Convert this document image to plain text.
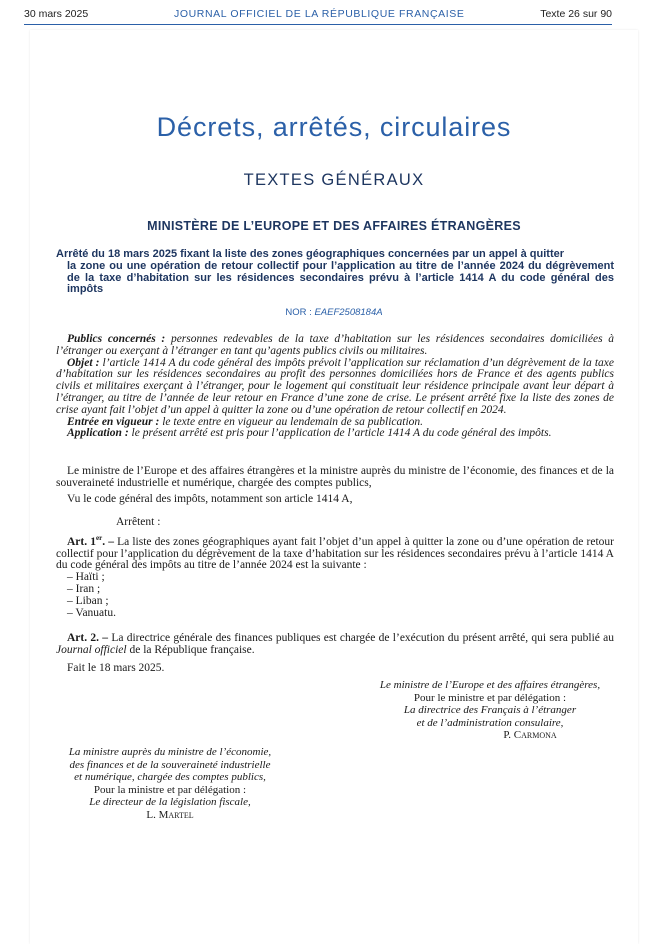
30 mars 2025	JOURNAL OFFICIEL DE LA RÉPUBLIQUE FRANÇAISE	Texte 26 sur 90
Décrets, arrêtés, circulaires
TEXTES GÉNÉRAUX
MINISTÈRE DE L’EUROPE ET DES AFFAIRES ÉTRANGÈRES
Arrêté du 18 mars 2025 fixant la liste des zones géographiques concernées par un appel à quitter
la zone ou une opération de retour collectif pour l’application au titre de l’année 2024 du dégrèvement de la taxe d’habitation sur les résidences secondaires prévu à l’article 1414 A du code général des impôts
NOR : EAEF2508184A
Publics concernés : personnes redevables de la taxe d’habitation sur les résidences secondaires domiciliées à l’étranger ou exerçant à l’étranger en tant qu’agents publics civils ou militaires.
Objet : l’article 1414 A du code général des impôts prévoit l’application sur réclamation d’un dégrèvement de la taxe d’habitation sur les résidences secondaires au profit des personnes domiciliées hors de France et des agents publics civils et militaires exerçant à l’étranger, pour le logement qui constituait leur résidence principale avant leur départ à l’étranger, au titre de l’année de leur retour en France d’une zone de crise. Le présent arrêté fixe la liste des zones de crise ayant fait l’objet d’un appel à quitter la zone ou d’une opération de retour collectif en 2024.
Entrée en vigueur : le texte entre en vigueur au lendemain de sa publication.
Application : le présent arrêté est pris pour l’application de l’article 1414 A du code général des impôts.
Le ministre de l’Europe et des affaires étrangères et la ministre auprès du ministre de l’économie, des finances et de la souveraineté industrielle et numérique, chargée des comptes publics,
Vu le code général des impôts, notamment son article 1414 A,
Arrêtent :
Art. 1er. – La liste des zones géographiques ayant fait l’objet d’un appel à quitter la zone ou d’une opération de retour collectif pour l’application du dégrèvement de la taxe d’habitation sur les résidences secondaires prévu à l’article 1414 A du code général des impôts au titre de l’année 2024 est la suivante :
– Haïti ;
– Iran ;
– Liban ;
– Vanuatu.
Art. 2. – La directrice générale des finances publiques est chargée de l’exécution du présent arrêté, qui sera publié au Journal officiel de la République française.
Fait le 18 mars 2025.
Le ministre de l’Europe et des affaires étrangères,
Pour le ministre et par délégation :
La directrice des Français à l’étranger
et de l’administration consulaire,
P. Carmona
La ministre auprès du ministre de l’économie,
des finances et de la souveraineté industrielle
et numérique, chargée des comptes publics,
Pour la ministre et par délégation :
Le directeur de la législation fiscale,
L. Martel
